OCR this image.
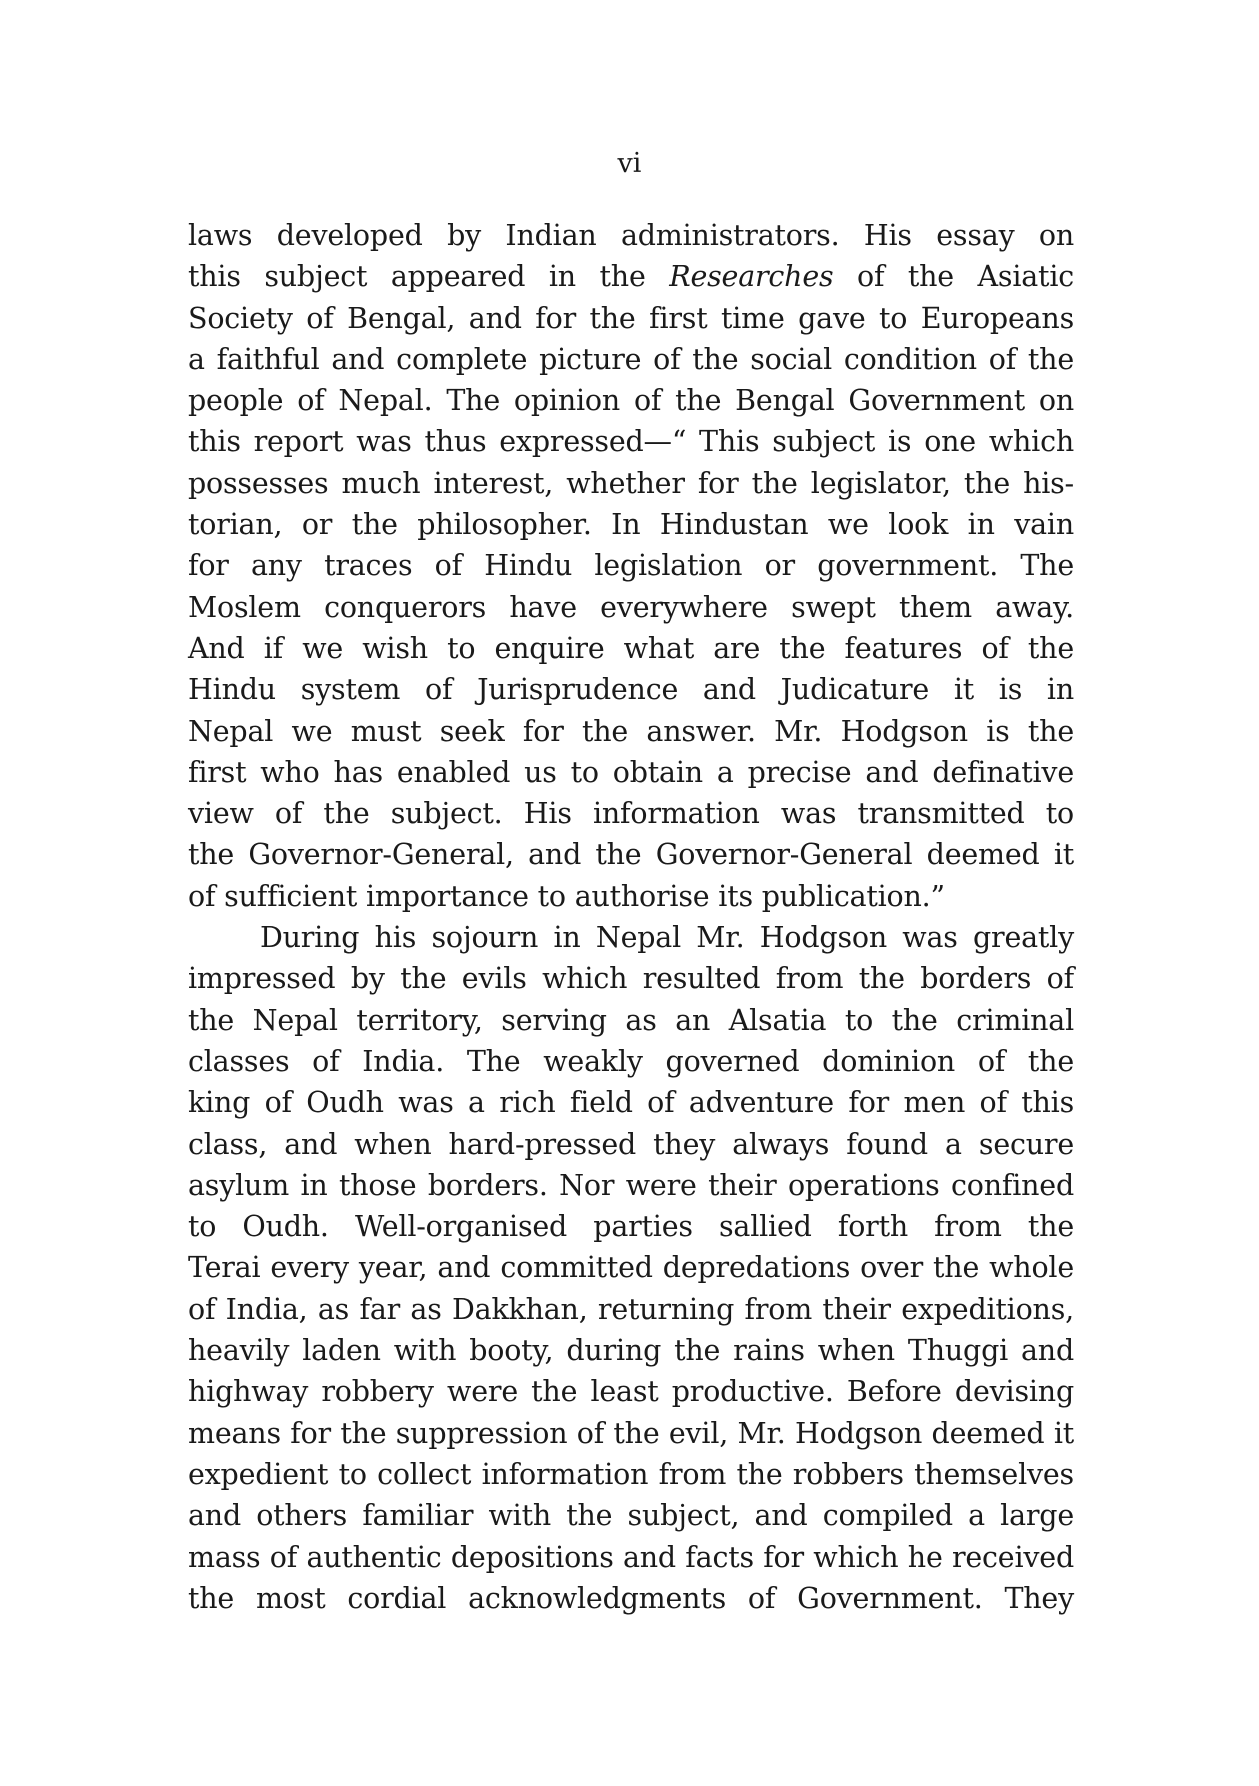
vi

laws developed by Indian administrators. His essay on

this subject appeared in the Researches of the Asiatic

Society of Bengal, and for the first time gave to Europeans

a faithful and complete picture of the social condition of the

people of Nepal. The opinion of the Bengal Government on

this report was thus expressed—“ This subject is one which

possesses much interest, whether for the legislator, the his-

torian, or the philosopher. In Hindustan we look in vain

for any traces of Hindu legislation or government. The

Moslem conquerors have everywhere swept them away.

And if we wish to enquire what are the features of the

Hindu system of Jurisprudence and Judicature it is in

Nepal we must seek for the answer. Mr. Hodgson is the

first who has enabled us to obtain a precise and definative

view of the subject. His information was transmitted to

the Governor-General, and the Governor-General deemed it

of sufficient importance to authorise its publication.”

During his sojourn in Nepal Mr. Hodgson was greatly

impressed by the evils which resulted from the borders of

the Nepal territory, serving as an Alsatia to the criminal

classes of India. The weakly governed dominion of the

king of Oudh was a rich field of adventure for men of this

class, and when hard-pressed they always found a secure

asylum in those borders. Nor were their operations confined

to Oudh. Well-organised parties sallied forth from the

Terai every year, and committed depredations over the whole

of India, as far as Dakkhan, returning from their expeditions,

heavily laden with booty, during the rains when Thuggi and

highway robbery were the least productive. Before devising

means for the suppression of the evil, Mr. Hodgson deemed it

expedient to collect information from the robbers themselves

and others familiar with the subject, and compiled a large

mass of authentic depositions and facts for which he received

the most cordial acknowledgments of Government. They
